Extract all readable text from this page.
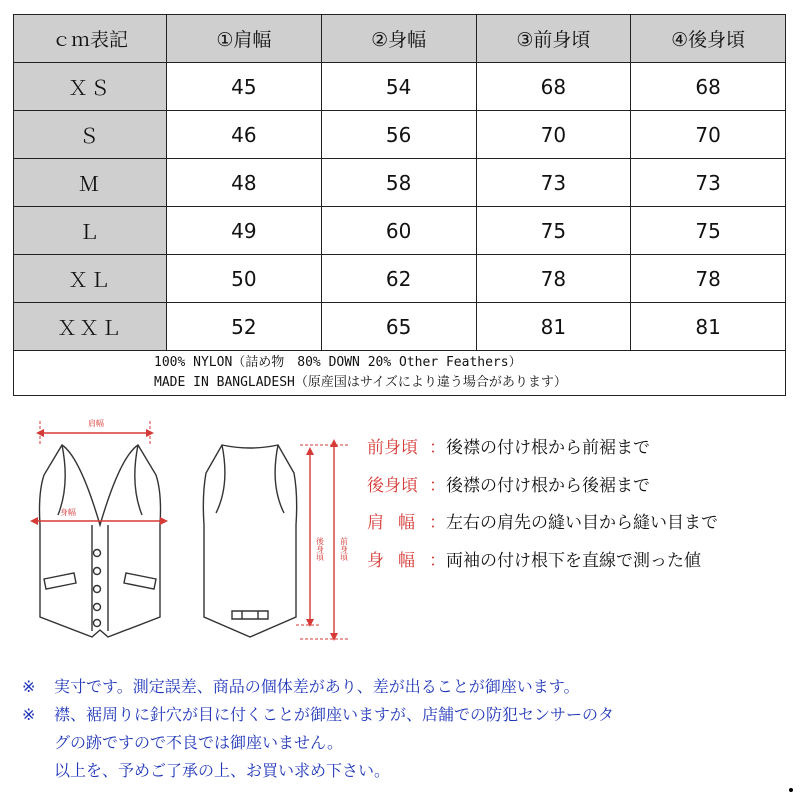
ｃｍ表記	①肩幅	②身幅	③前身頃	④後身頃
ＸＳ	45	54	68	68
Ｓ	46	56	70	70
Ｍ	48	58	73	73
Ｌ	49	60	75	75
ＸＬ	50	62	78	78
ＸＸＬ	52	65	81	81

100% NYLON（詰め物　80% DOWN 20% Other Feathers）
MADE IN BANGLADESH（原産国はサイズにより違う場合があります）				
肩幅
身幅
後身頃 前身頃
前身頃 ：後襟の付け根から前裾まで
後身頃 ：後襟の付け根から後裾まで
肩幅：左右の肩先の縫い目から縫い目まで
身幅：両袖の付け根下を直線で測った値
※ 実寸です。測定誤差、商品の個体差があり、差が出ることが御座います。
※ 襟、裾周りに針穴が目に付くことが御座いますが、店舗での防犯センサーのタ
グの跡ですので不良では御座いません。
以上を、予めご了承の上、お買い求め下さい。
